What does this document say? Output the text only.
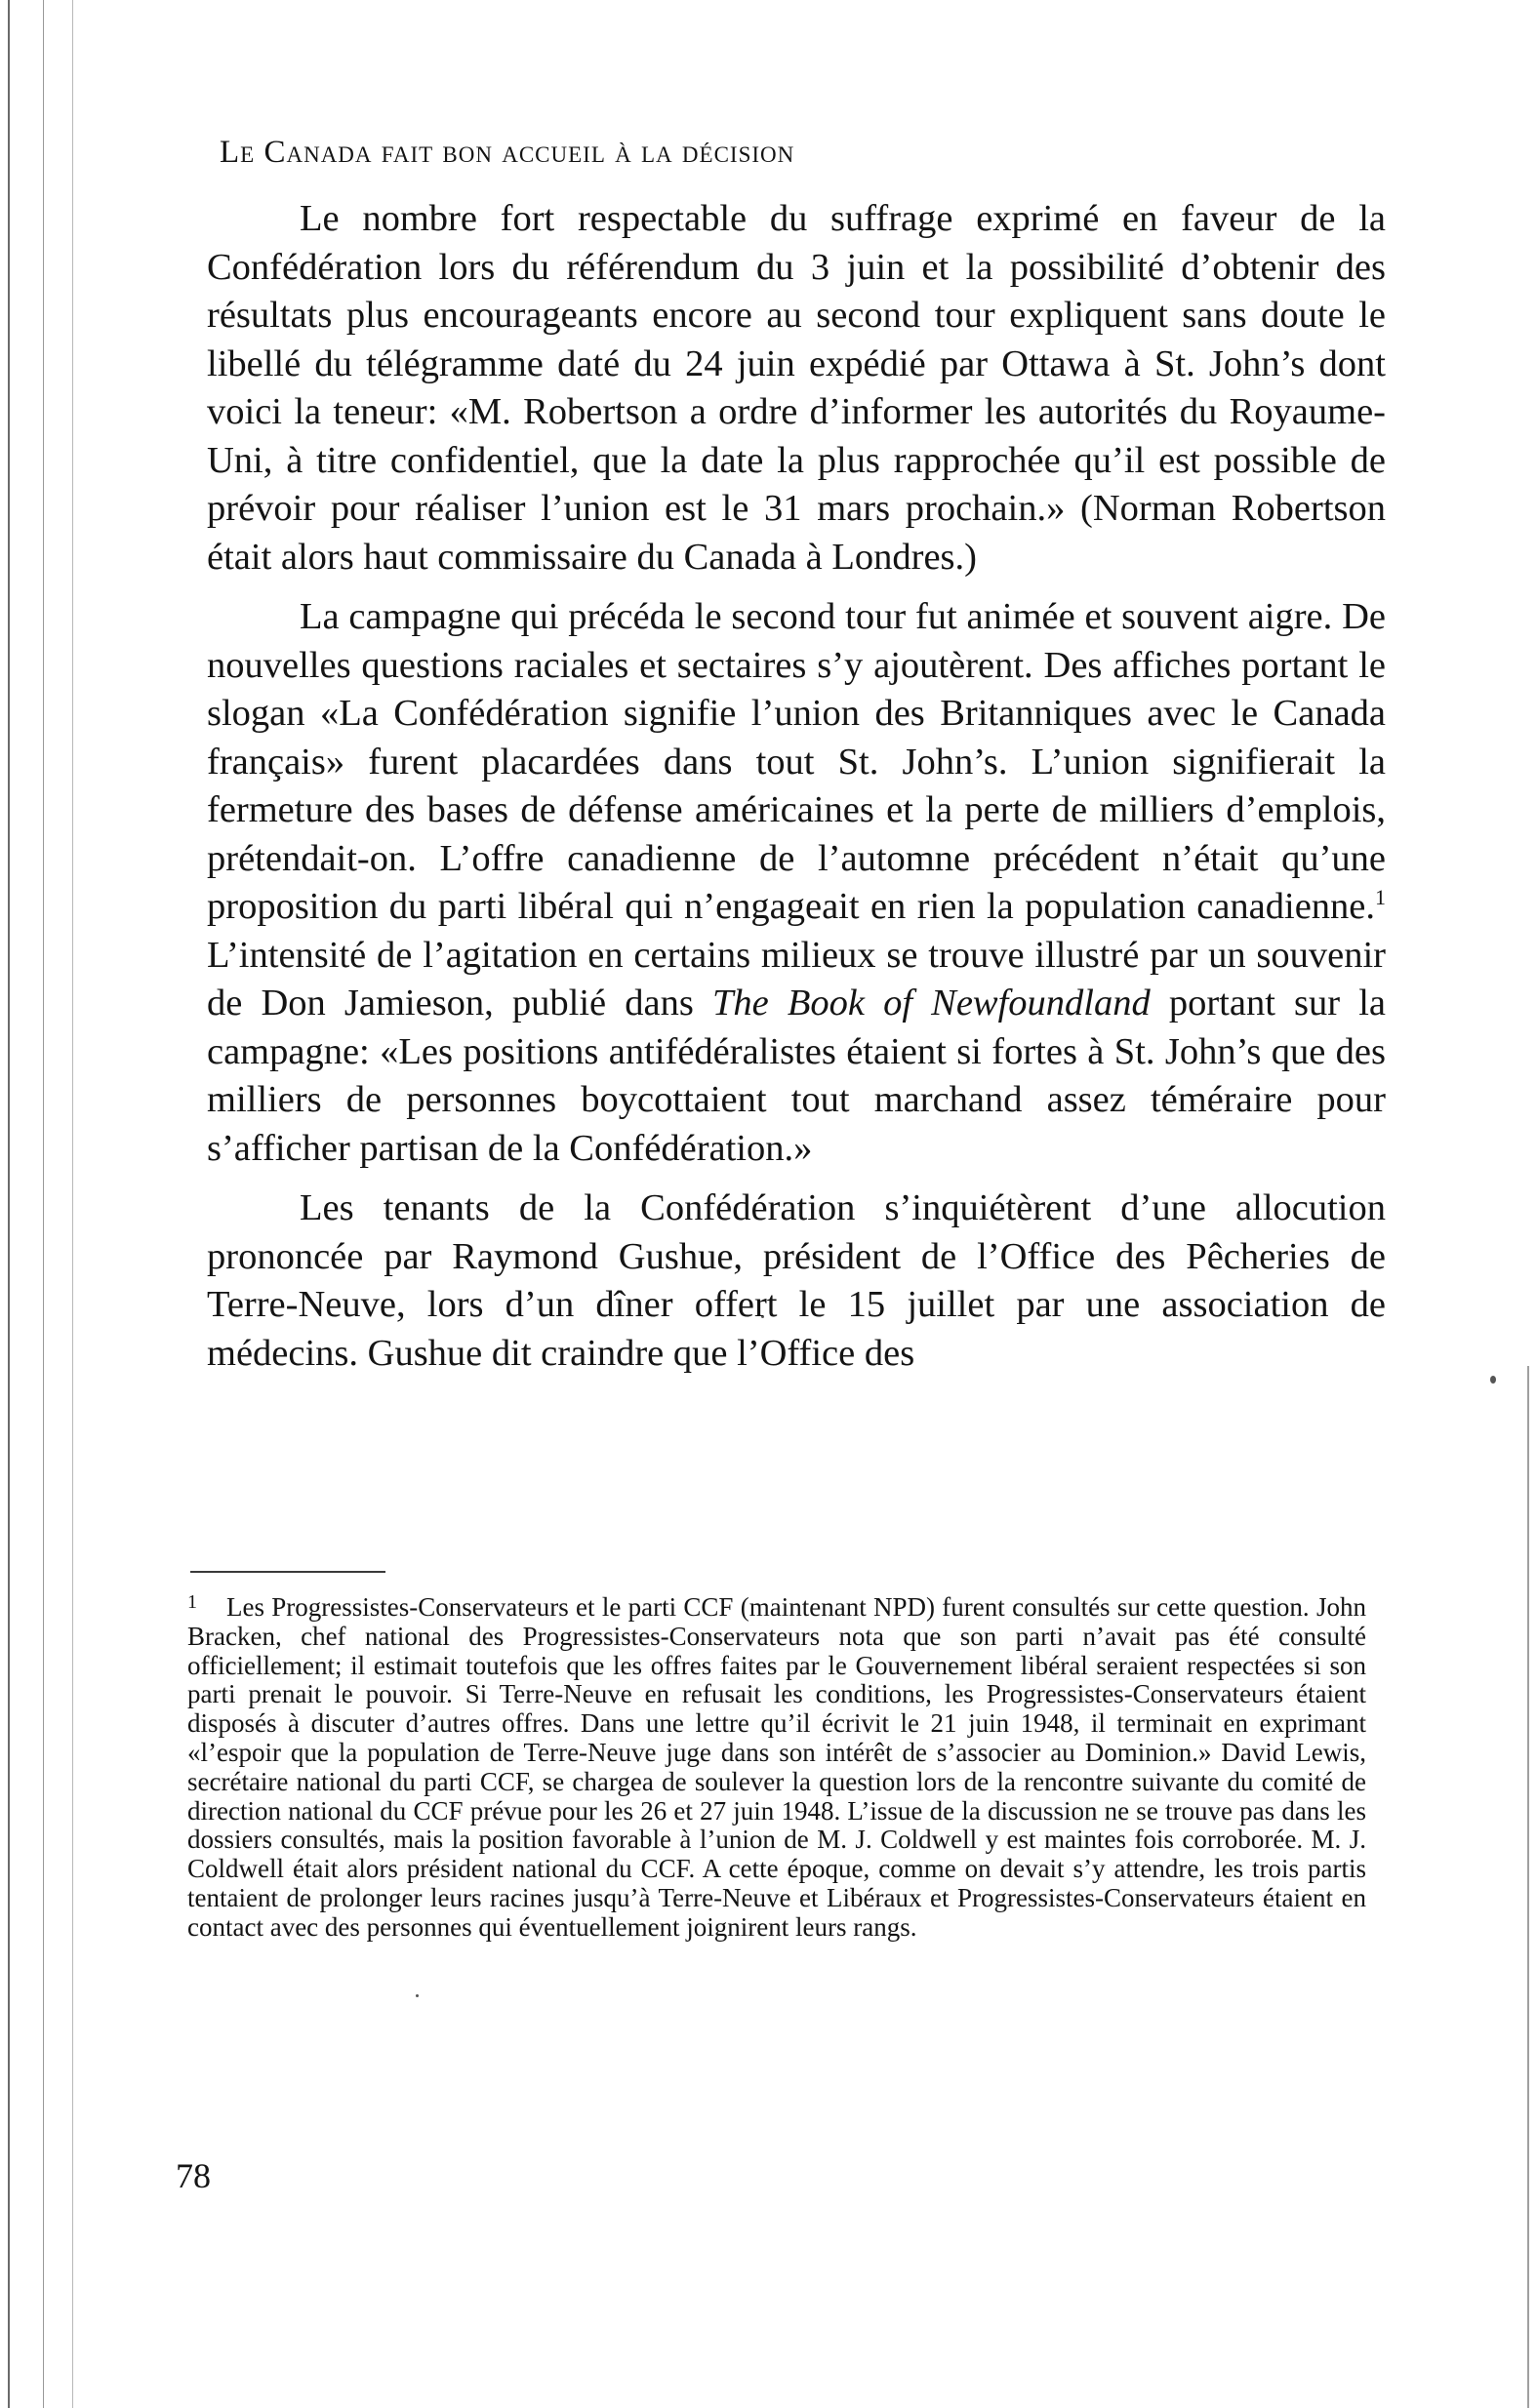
Le Canada fait bon accueil à la décision

Le nombre fort respectable du suffrage exprimé en faveur de la Confédération lors du référendum du 3 juin et la possibilité d’obtenir des résultats plus encourageants encore au second tour expliquent sans doute le libellé du télégramme daté du 24 juin expédié par Ottawa à St. John’s dont voici la teneur: «M. Robertson a ordre d’informer les autorités du Royaume-Uni, à titre confidentiel, que la date la plus rapprochée qu’il est possible de prévoir pour réaliser l’union est le 31 mars prochain.» (Norman Robertson était alors haut commissaire du Canada à Londres.)

La campagne qui précéda le second tour fut animée et souvent aigre. De nouvelles questions raciales et sectaires s’y ajoutèrent. Des affiches portant le slogan «La Confédération signifie l’union des Britanniques avec le Canada français» furent placardées dans tout St. John’s. L’union signifierait la fermeture des bases de défense américaines et la perte de milliers d’emplois, prétendait-on. L’offre canadienne de l’automne précédent n’était qu’une proposition du parti libéral qui n’engageait en rien la population canadienne.$^1$ L’intensité de l’agitation en certains milieux se trouve illustré par un souvenir de Don Jamieson, publié dans The Book of Newfoundland portant sur la campagne: «Les positions antifédéralistes étaient si fortes à St. John’s que des milliers de personnes boycottaient tout marchand assez téméraire pour s’afficher partisan de la Confédération.»

Les tenants de la Confédération s’inquiétèrent d’une allocution prononcée par Raymond Gushue, président de l’Office des Pêcheries de Terre-Neuve, lors d’un dîner offert le 15 juillet par une association de médecins. Gushue dit craindre que l’Office des

1 Les Progressistes-Conservateurs et le parti CCF (maintenant NPD) furent consultés sur cette question. John Bracken, chef national des Progressistes-Conservateurs nota que son parti n’avait pas été consulté officiellement; il estimait toutefois que les offres faites par le Gouvernement libéral seraient respectées si son parti prenait le pouvoir. Si Terre-Neuve en refusait les conditions, les Progressistes-Conservateurs étaient disposés à discuter d’autres offres. Dans une lettre qu’il écrivit le 21 juin 1948, il terminait en exprimant «l’espoir que la population de Terre-Neuve juge dans son intérêt de s’associer au Dominion.» David Lewis, secrétaire national du parti CCF, se chargea de soulever la question lors de la rencontre suivante du comité de direction national du CCF prévue pour les 26 et 27 juin 1948. L’issue de la discussion ne se trouve pas dans les dossiers consultés, mais la position favorable à l’union de M. J. Coldwell y est maintes fois corroborée. M. J. Coldwell était alors président national du CCF. A cette époque, comme on devait s’y attendre, les trois partis tentaient de prolonger leurs racines jusqu’à Terre-Neuve et Libéraux et Progressistes-Conservateurs étaient en contact avec des personnes qui éventuellement joignirent leurs rangs.
78
